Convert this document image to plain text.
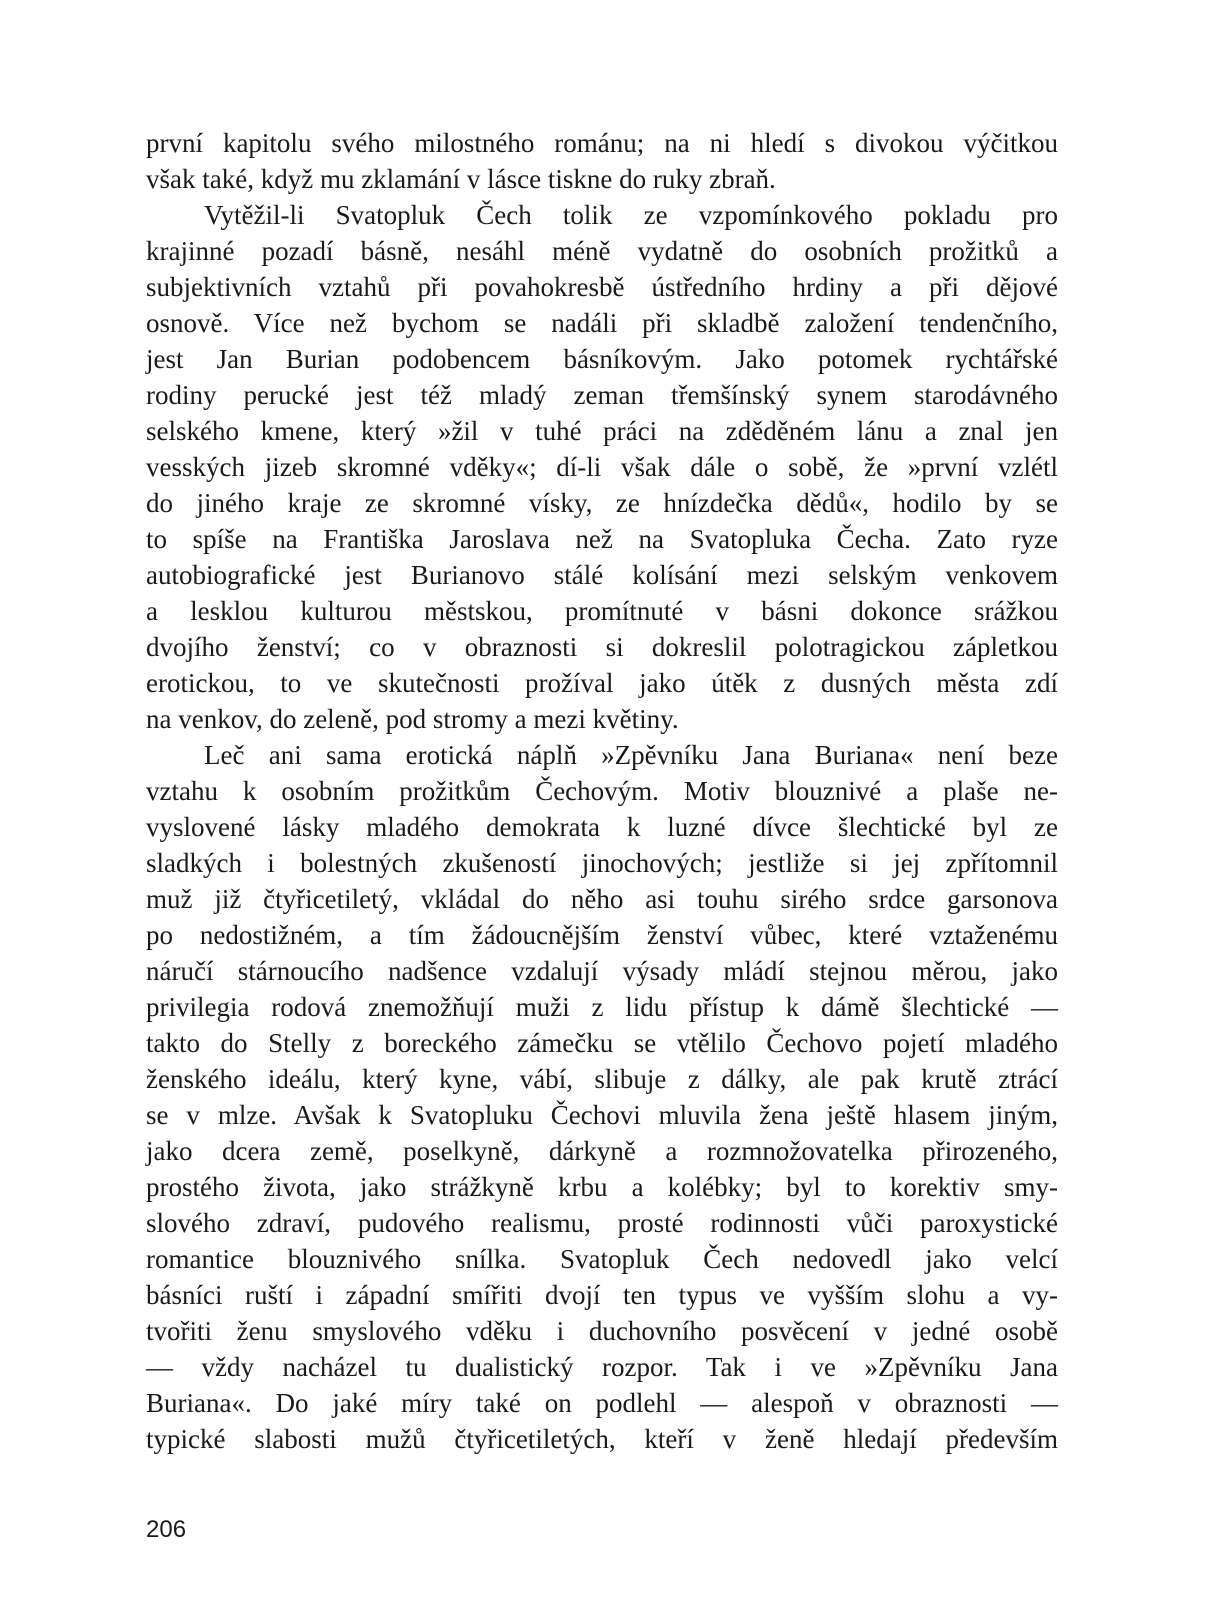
první kapitolu svého milostného románu; na ni hledí s divokou výčitkou
však také, když mu zklamání v lásce tiskne do ruky zbraň.
Vytěžil-li Svatopluk Čech tolik ze vzpomínkového pokladu pro
krajinné pozadí básně, nesáhl méně vydatně do osobních prožitků a
subjektivních vztahů při povahokresbě ústředního hrdiny a při dějové
osnově. Více než bychom se nadáli při skladbě založení tendenčního,
jest Jan Burian podobencem básníkovým. Jako potomek rychtářské
rodiny perucké jest též mladý zeman třemšínský synem starodávného
selského kmene, který »žil v tuhé práci na zděděném lánu a znal jen
vesských jizeb skromné vděky«; dí-li však dále o sobě, že »první vzlétl
do jiného kraje ze skromné vísky, ze hnízdečka dědů«, hodilo by se
to spíše na Františka Jaroslava než na Svatopluka Čecha. Zato ryze
autobiografické jest Burianovo stálé kolísání mezi selským venkovem
a lesklou kulturou městskou, promítnuté v básni dokonce srážkou
dvojího ženství; co v obraznosti si dokreslil polotragickou zápletkou
erotickou, to ve skutečnosti prožíval jako útěk z dusných města zdí
na venkov, do zeleně, pod stromy a mezi květiny.
Leč ani sama erotická náplň »Zpěvníku Jana Buriana« není beze
vztahu k osobním prožitkům Čechovým. Motiv blouznivé a plaše ne-
vyslovené lásky mladého demokrata k luzné dívce šlechtické byl ze
sladkých i bolestných zkušeností jinochových; jestliže si jej zpřítomnil
muž již čtyřicetiletý, vkládal do něho asi touhu sirého srdce garsonova
po nedostižném, a tím žádoucnějším ženství vůbec, které vztaženému
náručí stárnoucího nadšence vzdalují výsady mládí stejnou měrou, jako
privilegia rodová znemožňují muži z lidu přístup k dámě šlechtické —
takto do Stelly z boreckého zámečku se vtělilo Čechovo pojetí mladého
ženského ideálu, který kyne, vábí, slibuje z dálky, ale pak krutě ztrácí
se v mlze. Avšak k Svatopluku Čechovi mluvila žena ještě hlasem jiným,
jako dcera země, poselkyně, dárkyně a rozmnožovatelka přirozeného,
prostého života, jako strážkyně krbu a kolébky; byl to korektiv smy-
slového zdraví, pudového realismu, prosté rodinnosti vůči paroxystické
romantice blouznivého snílka. Svatopluk Čech nedovedl jako velcí
básníci ruští i západní smířiti dvojí ten typus ve vyšším slohu a vy-
tvořiti ženu smyslového vděku i duchovního posvěcení v jedné osobě
— vždy nacházel tu dualistický rozpor. Tak i ve »Zpěvníku Jana
Buriana«. Do jaké míry také on podlehl — alespoň v obraznosti —
typické slabosti mužů čtyřicetiletých, kteří v ženě hledají především
206
